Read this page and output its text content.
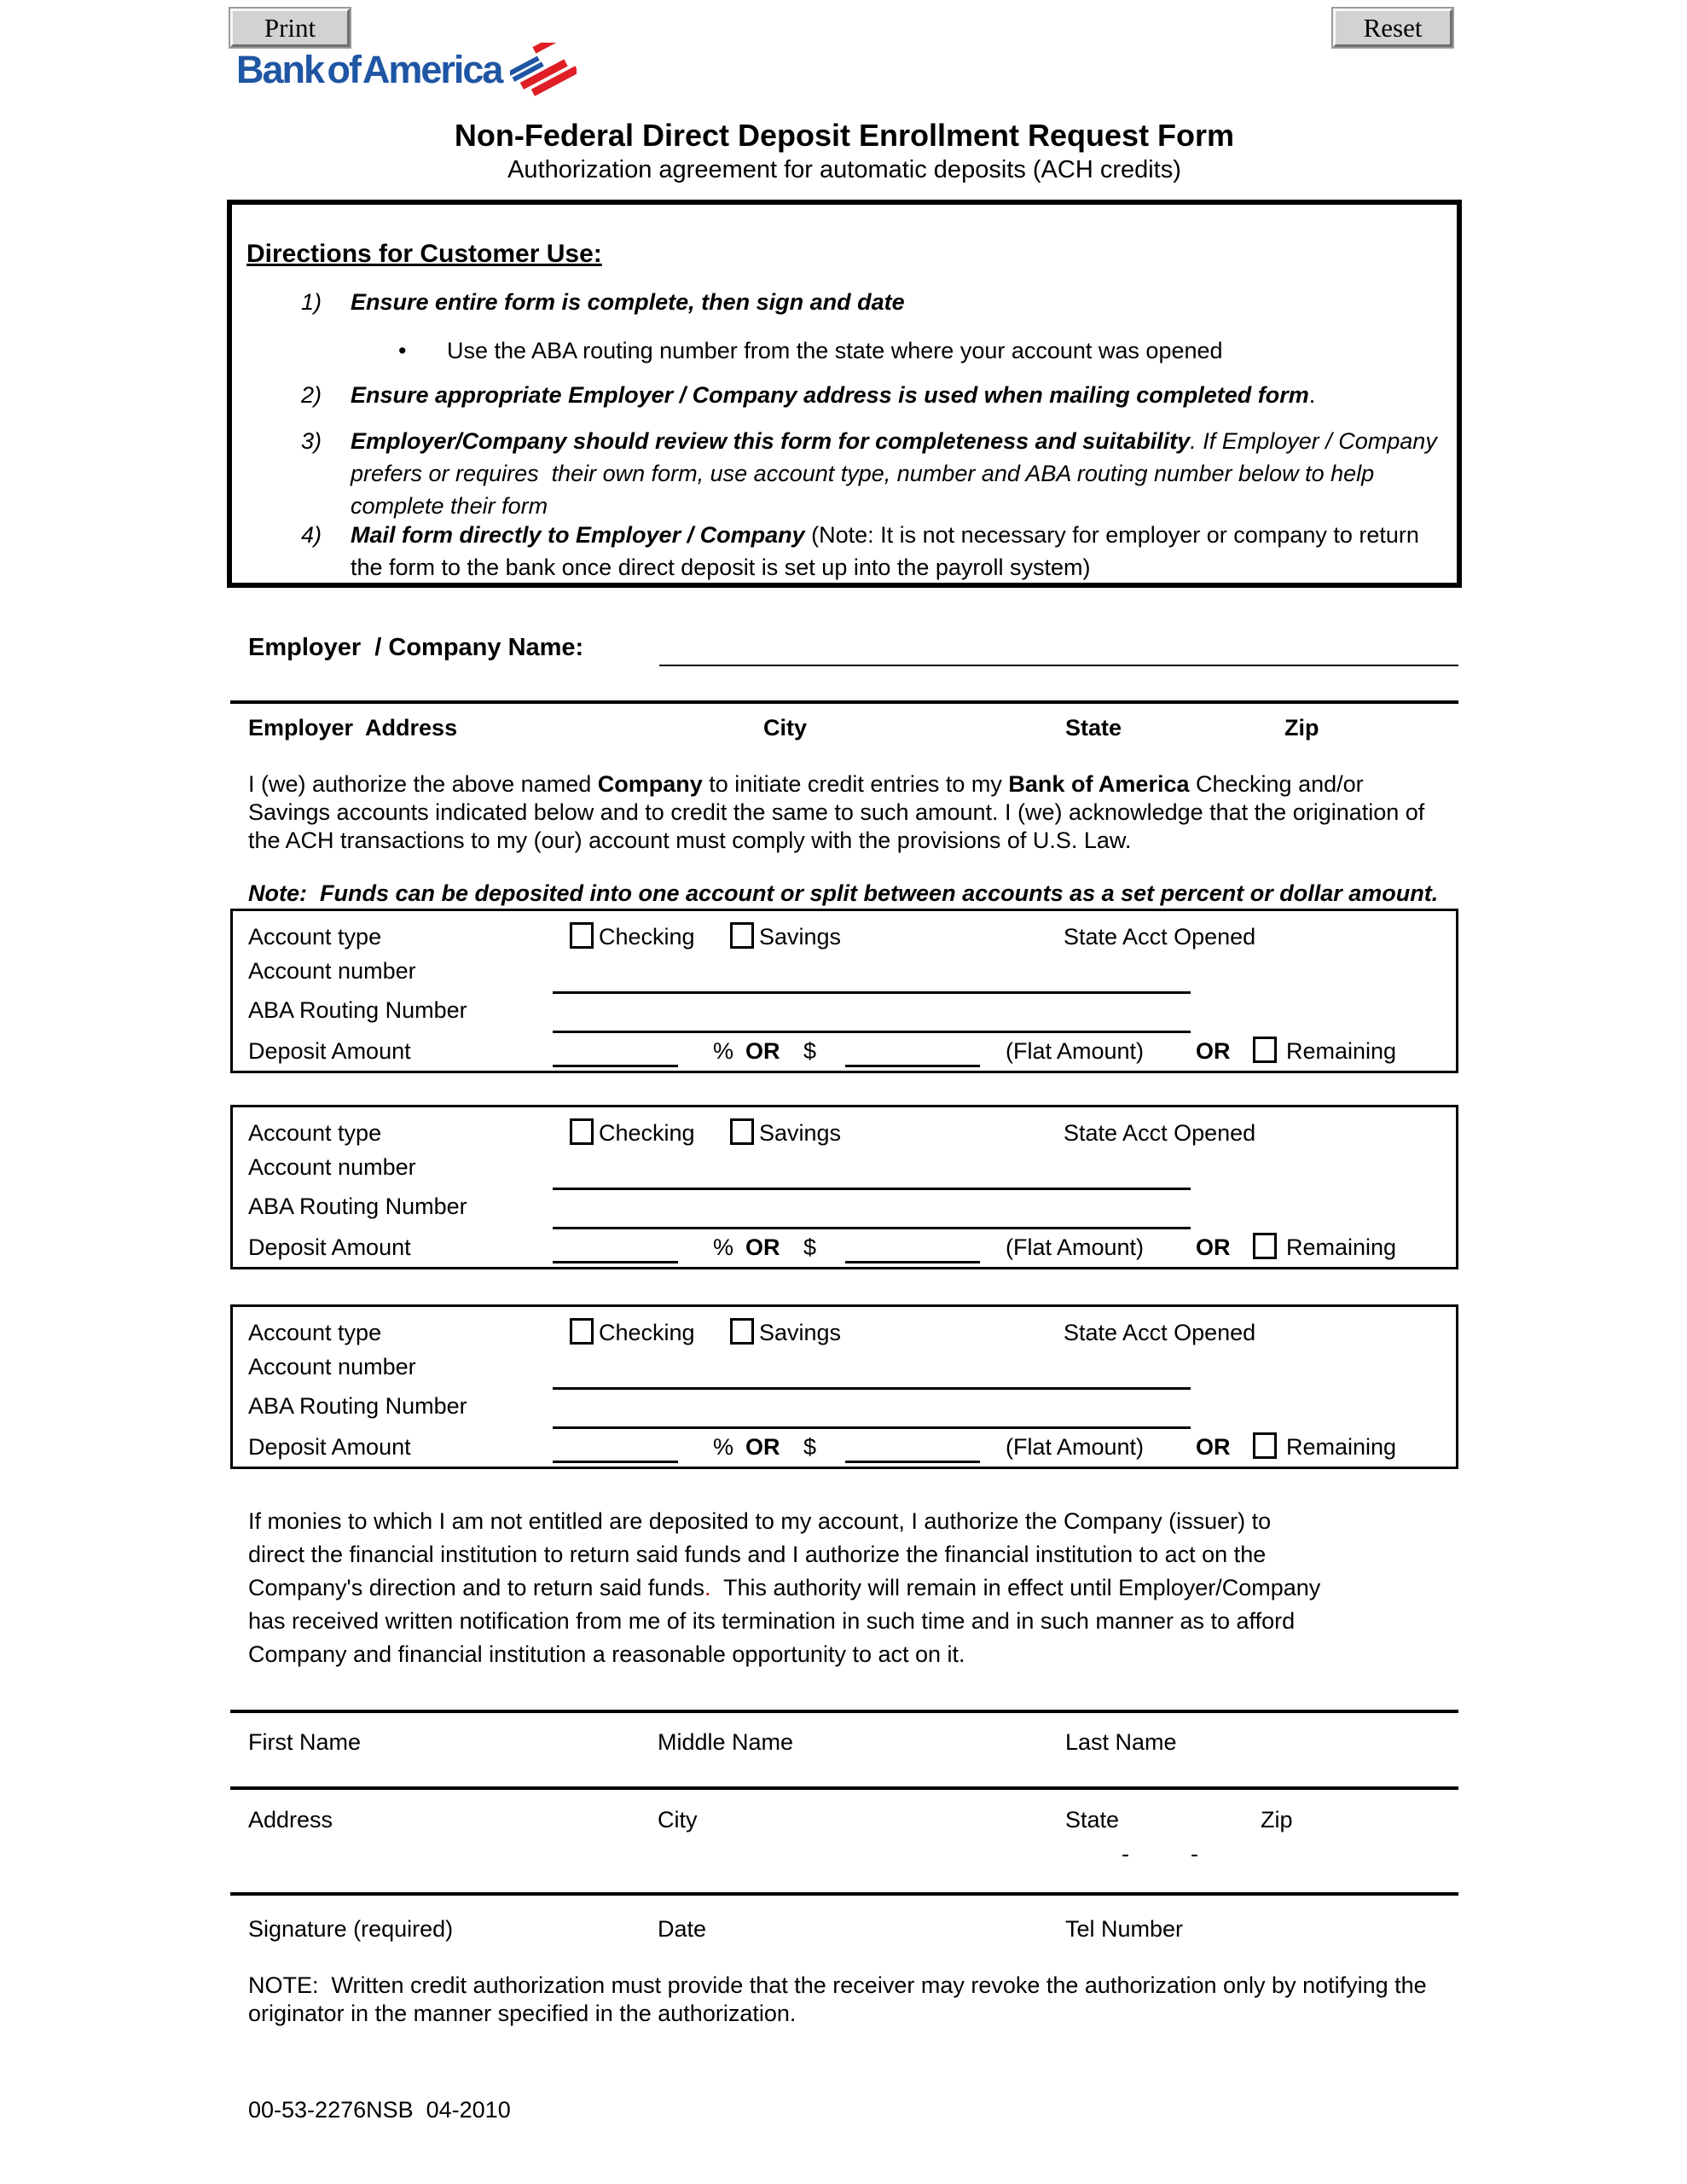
Print	Reset
Bank of America
Non-Federal Direct Deposit Enrollment Request Form
Authorization agreement for automatic deposits (ACH credits)
Directions for Customer Use:
1) Ensure entire form is complete, then sign and date
• Use the ABA routing number from the state where your account was opened
2) Ensure appropriate Employer / Company address is used when mailing completed form.
3) Employer/Company should review this form for completeness and suitability. If Employer / Company prefers or requires  their own form, use account type, number and ABA routing number below to help complete their form
4) Mail form directly to Employer / Company (Note: It is not necessary for employer or company to return the form to the bank once direct deposit is set up into the payroll system)
Employer  / Company Name:
Employer  Address	City	State	Zip
I (we) authorize the above named Company to initiate credit entries to my Bank of America Checking and/or Savings accounts indicated below and to credit the same to such amount. I (we) acknowledge that the origination of the ACH transactions to my (our) account must comply with the provisions of U.S. Law.
Note:  Funds can be deposited into one account or split between accounts as a set percent or dollar amount.
Account type	Checking	Savings	State Acct Opened
Account number
ABA Routing Number
Deposit Amount	% OR $	(Flat Amount) OR Remaining
Account type	Checking	Savings	State Acct Opened
Account number
ABA Routing Number
Deposit Amount	% OR $	(Flat Amount) OR Remaining
Account type	Checking	Savings	State Acct Opened
Account number
ABA Routing Number
Deposit Amount	% OR $	(Flat Amount) OR Remaining
If monies to which I am not entitled are deposited to my account, I authorize the Company (issuer) to direct the financial institution to return said funds and I authorize the financial institution to act on the Company's direction and to return said funds.  This authority will remain in effect until Employer/Company has received written notification from me of its termination in such time and in such manner as to afford Company and financial institution a reasonable opportunity to act on it.
First Name	Middle Name	Last Name
Address	City	State	Zip
-	-
Signature (required)	Date	Tel Number
NOTE:  Written credit authorization must provide that the receiver may revoke the authorization only by notifying the originator in the manner specified in the authorization.
00-53-2276NSB  04-2010
